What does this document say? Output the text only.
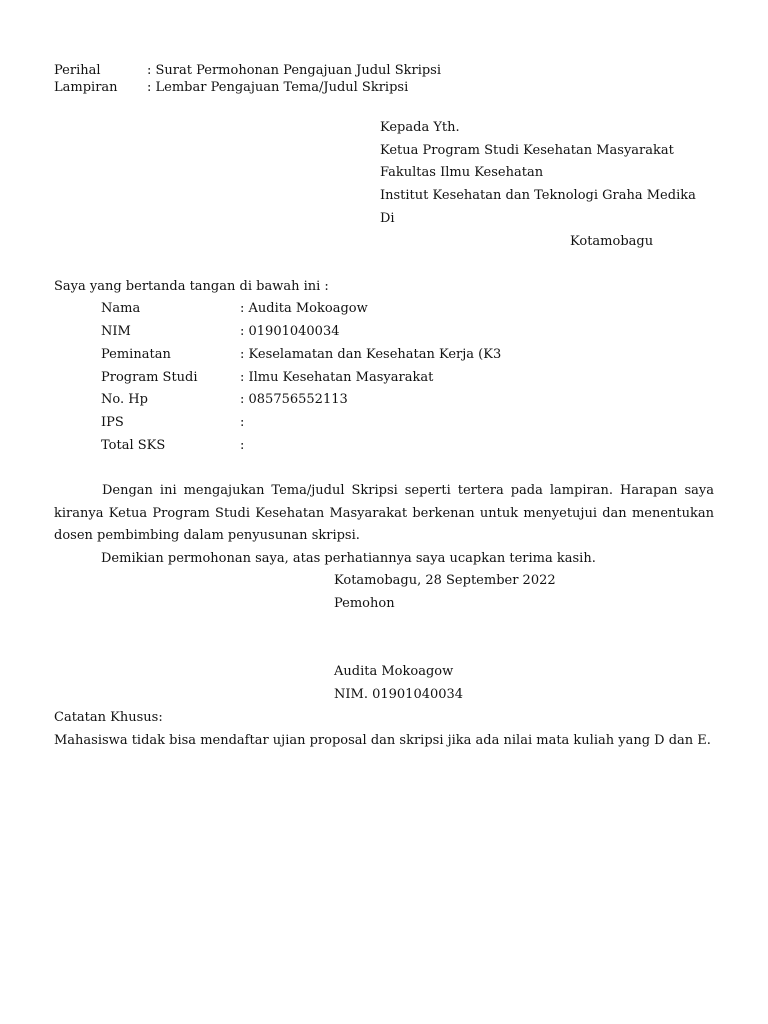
Perihal	: Surat Permohonan Pengajuan Judul Skripsi
Lampiran : Lembar Pengajuan Tema/Judul Skripsi
Kepada Yth.
Ketua Program Studi Kesehatan Masyarakat
Fakultas Ilmu Kesehatan
Institut Kesehatan dan Teknologi Graha Medika
Di
Kotamobagu
Saya yang bertanda tangan di bawah ini :
Nama	: Audita Mokoagow
NIM	: 01901040034
Peminatan	: Keselamatan dan Kesehatan Kerja (K3
Program Studi	: Ilmu Kesehatan Masyarakat
No. Hp	: 085756552113
IPS	:
Total SKS	:
Dengan ini mengajukan Tema/judul Skripsi seperti tertera pada lampiran. Harapan saya kiranya Ketua Program Studi Kesehatan Masyarakat berkenan untuk menyetujui dan menentukan dosen pembimbing dalam penyusunan skripsi.
Demikian permohonan saya, atas perhatiannya saya ucapkan terima kasih.
Kotamobagu, 28 September 2022
Pemohon
Audita Mokoagow
NIM. 01901040034
Catatan Khusus:
Mahasiswa tidak bisa mendaftar ujian proposal dan skripsi jika ada nilai mata kuliah yang D dan E.
